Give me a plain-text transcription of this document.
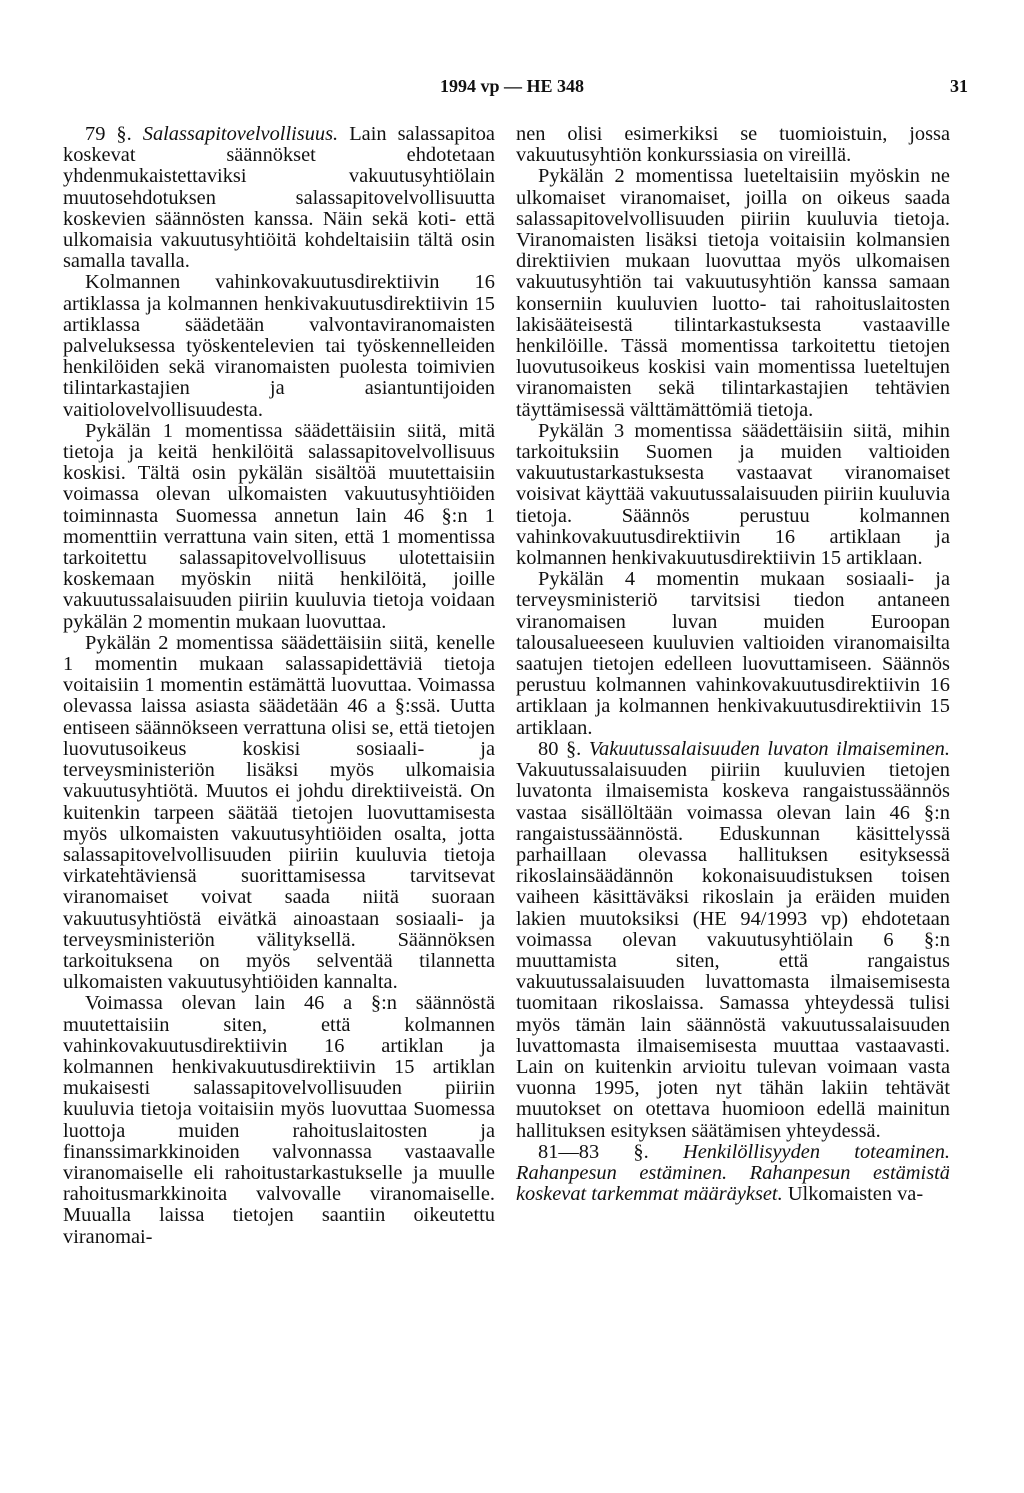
1994 vp — HE 348	31

79 §. Salassapitovelvollisuus. Lain salassapitoa koskevat säännökset ehdotetaan yhdenmukaistettaviksi vakuutusyhtiölain muutosehdotuksen salassapitovelvollisuutta koskevien säännösten kanssa. Näin sekä koti- että ulkomaisia vakuutusyhtiöitä kohdeltaisiin tältä osin samalla tavalla.

Kolmannen vahinkovakuutusdirektiivin 16 artiklassa ja kolmannen henkivakuutusdirektiivin 15 artiklassa säädetään valvontaviranomaisten palveluksessa työskentelevien tai työskennelleiden henkilöiden sekä viranomaisten puolesta toimivien tilintarkastajien ja asiantuntijoiden vaitiolovelvollisuudesta.

Pykälän 1 momentissa säädettäisiin siitä, mitä tietoja ja keitä henkilöitä salassapitovelvollisuus koskisi. Tältä osin pykälän sisältöä muutettaisiin voimassa olevan ulkomaisten vakuutusyhtiöiden toiminnasta Suomessa annetun lain 46 §:n 1 momenttiin verrattuna vain siten, että 1 momentissa tarkoitettu salassapitovelvollisuus ulotettaisiin koskemaan myöskin niitä henkilöitä, joille vakuutussalaisuuden piiriin kuuluvia tietoja voidaan pykälän 2 momentin mukaan luovuttaa.

Pykälän 2 momentissa säädettäisiin siitä, kenelle 1 momentin mukaan salassapidettäviä tietoja voitaisiin 1 momentin estämättä luovuttaa. Voimassa olevassa laissa asiasta säädetään 46 a §:ssä. Uutta entiseen säännökseen verrattuna olisi se, että tietojen luovutusoikeus koskisi sosiaali- ja terveysministeriön lisäksi myös ulkomaisia vakuutusyhtiötä. Muutos ei johdu direktiiveistä. On kuitenkin tarpeen säätää tietojen luovuttamisesta myös ulkomaisten vakuutusyhtiöiden osalta, jotta salassapitovelvollisuuden piiriin kuuluvia tietoja virkatehtäviensä suorittamisessa tarvitsevat viranomaiset voivat saada niitä suoraan vakuutusyhtiöstä eivätkä ainoastaan sosiaali- ja terveysministeriön välityksellä. Säännöksen tarkoituksena on myös selventää tilannetta ulkomaisten vakuutusyhtiöiden kannalta.

Voimassa olevan lain 46 a §:n säännöstä muutettaisiin siten, että kolmannen vahinkovakuutusdirektiivin 16 artiklan ja kolmannen henkivakuutusdirektiivin 15 artiklan mukaisesti salassapitovelvollisuuden piiriin kuuluvia tietoja voitaisiin myös luovuttaa Suomessa luottoja muiden rahoituslaitosten ja finanssimarkkinoiden valvonnassa vastaavalle viranomaiselle eli rahoitustarkastukselle ja muulle rahoitusmarkkinoita valvovalle viranomaiselle. Muualla laissa tietojen saantiin oikeutettu viranomai-

nen olisi esimerkiksi se tuomioistuin, jossa vakuutusyhtiön konkurssiasia on vireillä.

Pykälän 2 momentissa lueteltaisiin myöskin ne ulkomaiset viranomaiset, joilla on oikeus saada salassapitovelvollisuuden piiriin kuuluvia tietoja. Viranomaisten lisäksi tietoja voitaisiin kolmansien direktiivien mukaan luovuttaa myös ulkomaisen vakuutusyhtiön tai vakuutusyhtiön kanssa samaan konserniin kuuluvien luotto- tai rahoituslaitosten lakisääteisestä tilintarkastuksesta vastaaville henkilöille. Tässä momentissa tarkoitettu tietojen luovutusoikeus koskisi vain momentissa lueteltujen viranomaisten sekä tilintarkastajien tehtävien täyttämisessä välttämättömiä tietoja.

Pykälän 3 momentissa säädettäisiin siitä, mihin tarkoituksiin Suomen ja muiden valtioiden vakuutustarkastuksesta vastaavat viranomaiset voisivat käyttää vakuutussalaisuuden piiriin kuuluvia tietoja. Säännös perustuu kolmannen vahinkovakuutusdirektiivin 16 artiklaan ja kolmannen henkivakuutusdirektiivin 15 artiklaan.

Pykälän 4 momentin mukaan sosiaali- ja terveysministeriö tarvitsisi tiedon antaneen viranomaisen luvan muiden Euroopan talousalueeseen kuuluvien valtioiden viranomaisilta saatujen tietojen edelleen luovuttamiseen. Säännös perustuu kolmannen vahinkovakuutusdirektiivin 16 artiklaan ja kolmannen henkivakuutusdirektiivin 15 artiklaan.

80 §. Vakuutussalaisuuden luvaton ilmaiseminen. Vakuutussalaisuuden piiriin kuuluvien tietojen luvatonta ilmaisemista koskeva rangaistussäännös vastaa sisällöltään voimassa olevan lain 46 §:n rangaistussäännöstä. Eduskunnan käsittelyssä parhaillaan olevassa hallituksen esityksessä rikoslainsäädännön kokonaisuudistuksen toisen vaiheen käsittäväksi rikoslain ja eräiden muiden lakien muutoksiksi (HE 94/1993 vp) ehdotetaan voimassa olevan vakuutusyhtiölain 6 §:n muuttamista siten, että rangaistus vakuutussalaisuuden luvattomasta ilmaisemisesta tuomitaan rikoslaissa. Samassa yhteydessä tulisi myös tämän lain säännöstä vakuutussalaisuuden luvattomasta ilmaisemisesta muuttaa vastaavasti. Lain on kuitenkin arvioitu tulevan voimaan vasta vuonna 1995, joten nyt tähän lakiin tehtävät muutokset on otettava huomioon edellä mainitun hallituksen esityksen säätämisen yhteydessä.

81—83 §. Henkilöllisyyden toteaminen. Rahanpesun estäminen. Rahanpesun estämistä koskevat tarkemmat määräykset. Ulkomaisten va-
